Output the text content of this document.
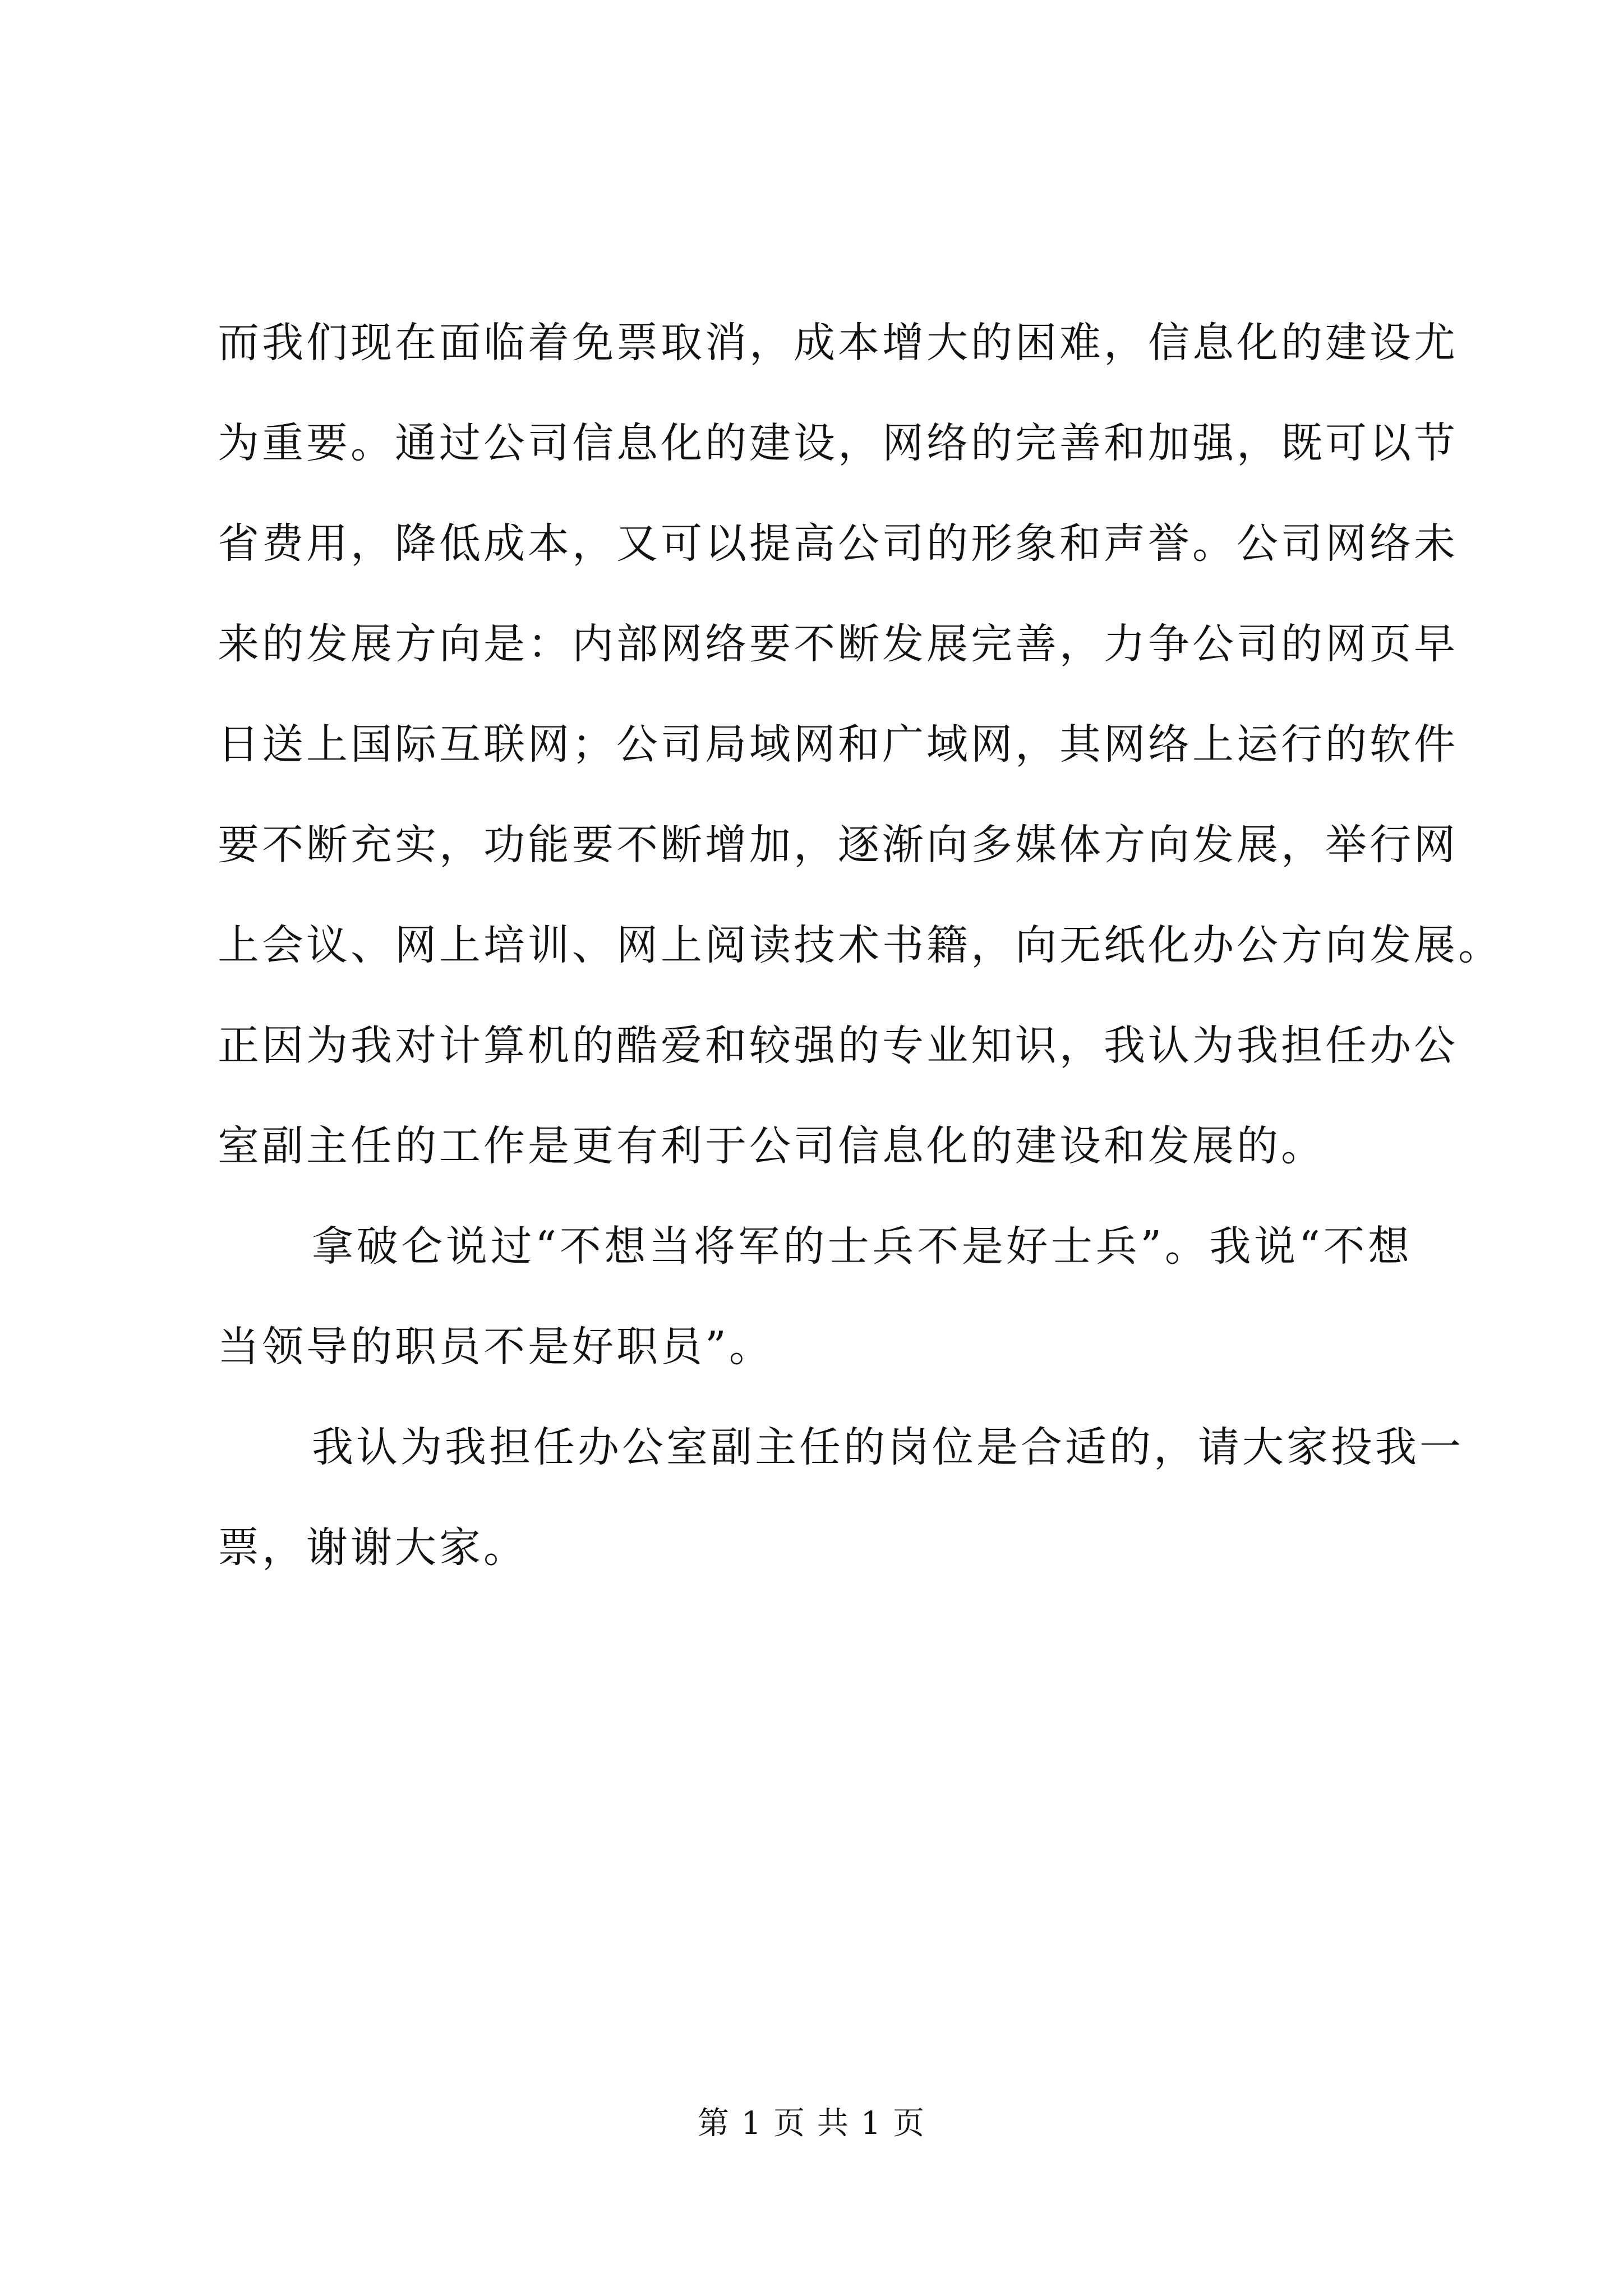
而我们现在面临着免票取消，成本增大的困难，信息化的建设尤
为重要。通过公司信息化的建设，网络的完善和加强，既可以节
省费用，降低成本，又可以提高公司的形象和声誉。公司网络未
来的发展方向是：内部网络要不断发展完善，力争公司的网页早
日送上国际互联网；公司局域网和广域网，其网络上运行的软件
要不断充实，功能要不断增加，逐渐向多媒体方向发展，举行网
上会议、网上培训、网上阅读技术书籍，向无纸化办公方向发展。
正因为我对计算机的酷爱和较强的专业知识，我认为我担任办公
室副主任的工作是更有利于公司信息化的建设和发展的。
拿破仑说过“不想当将军的士兵不是好士兵”。我说“不想
当领导的职员不是好职员”。
我认为我担任办公室副主任的岗位是合适的，请大家投我一
票，谢谢大家。
第 1 页 共 1 页
